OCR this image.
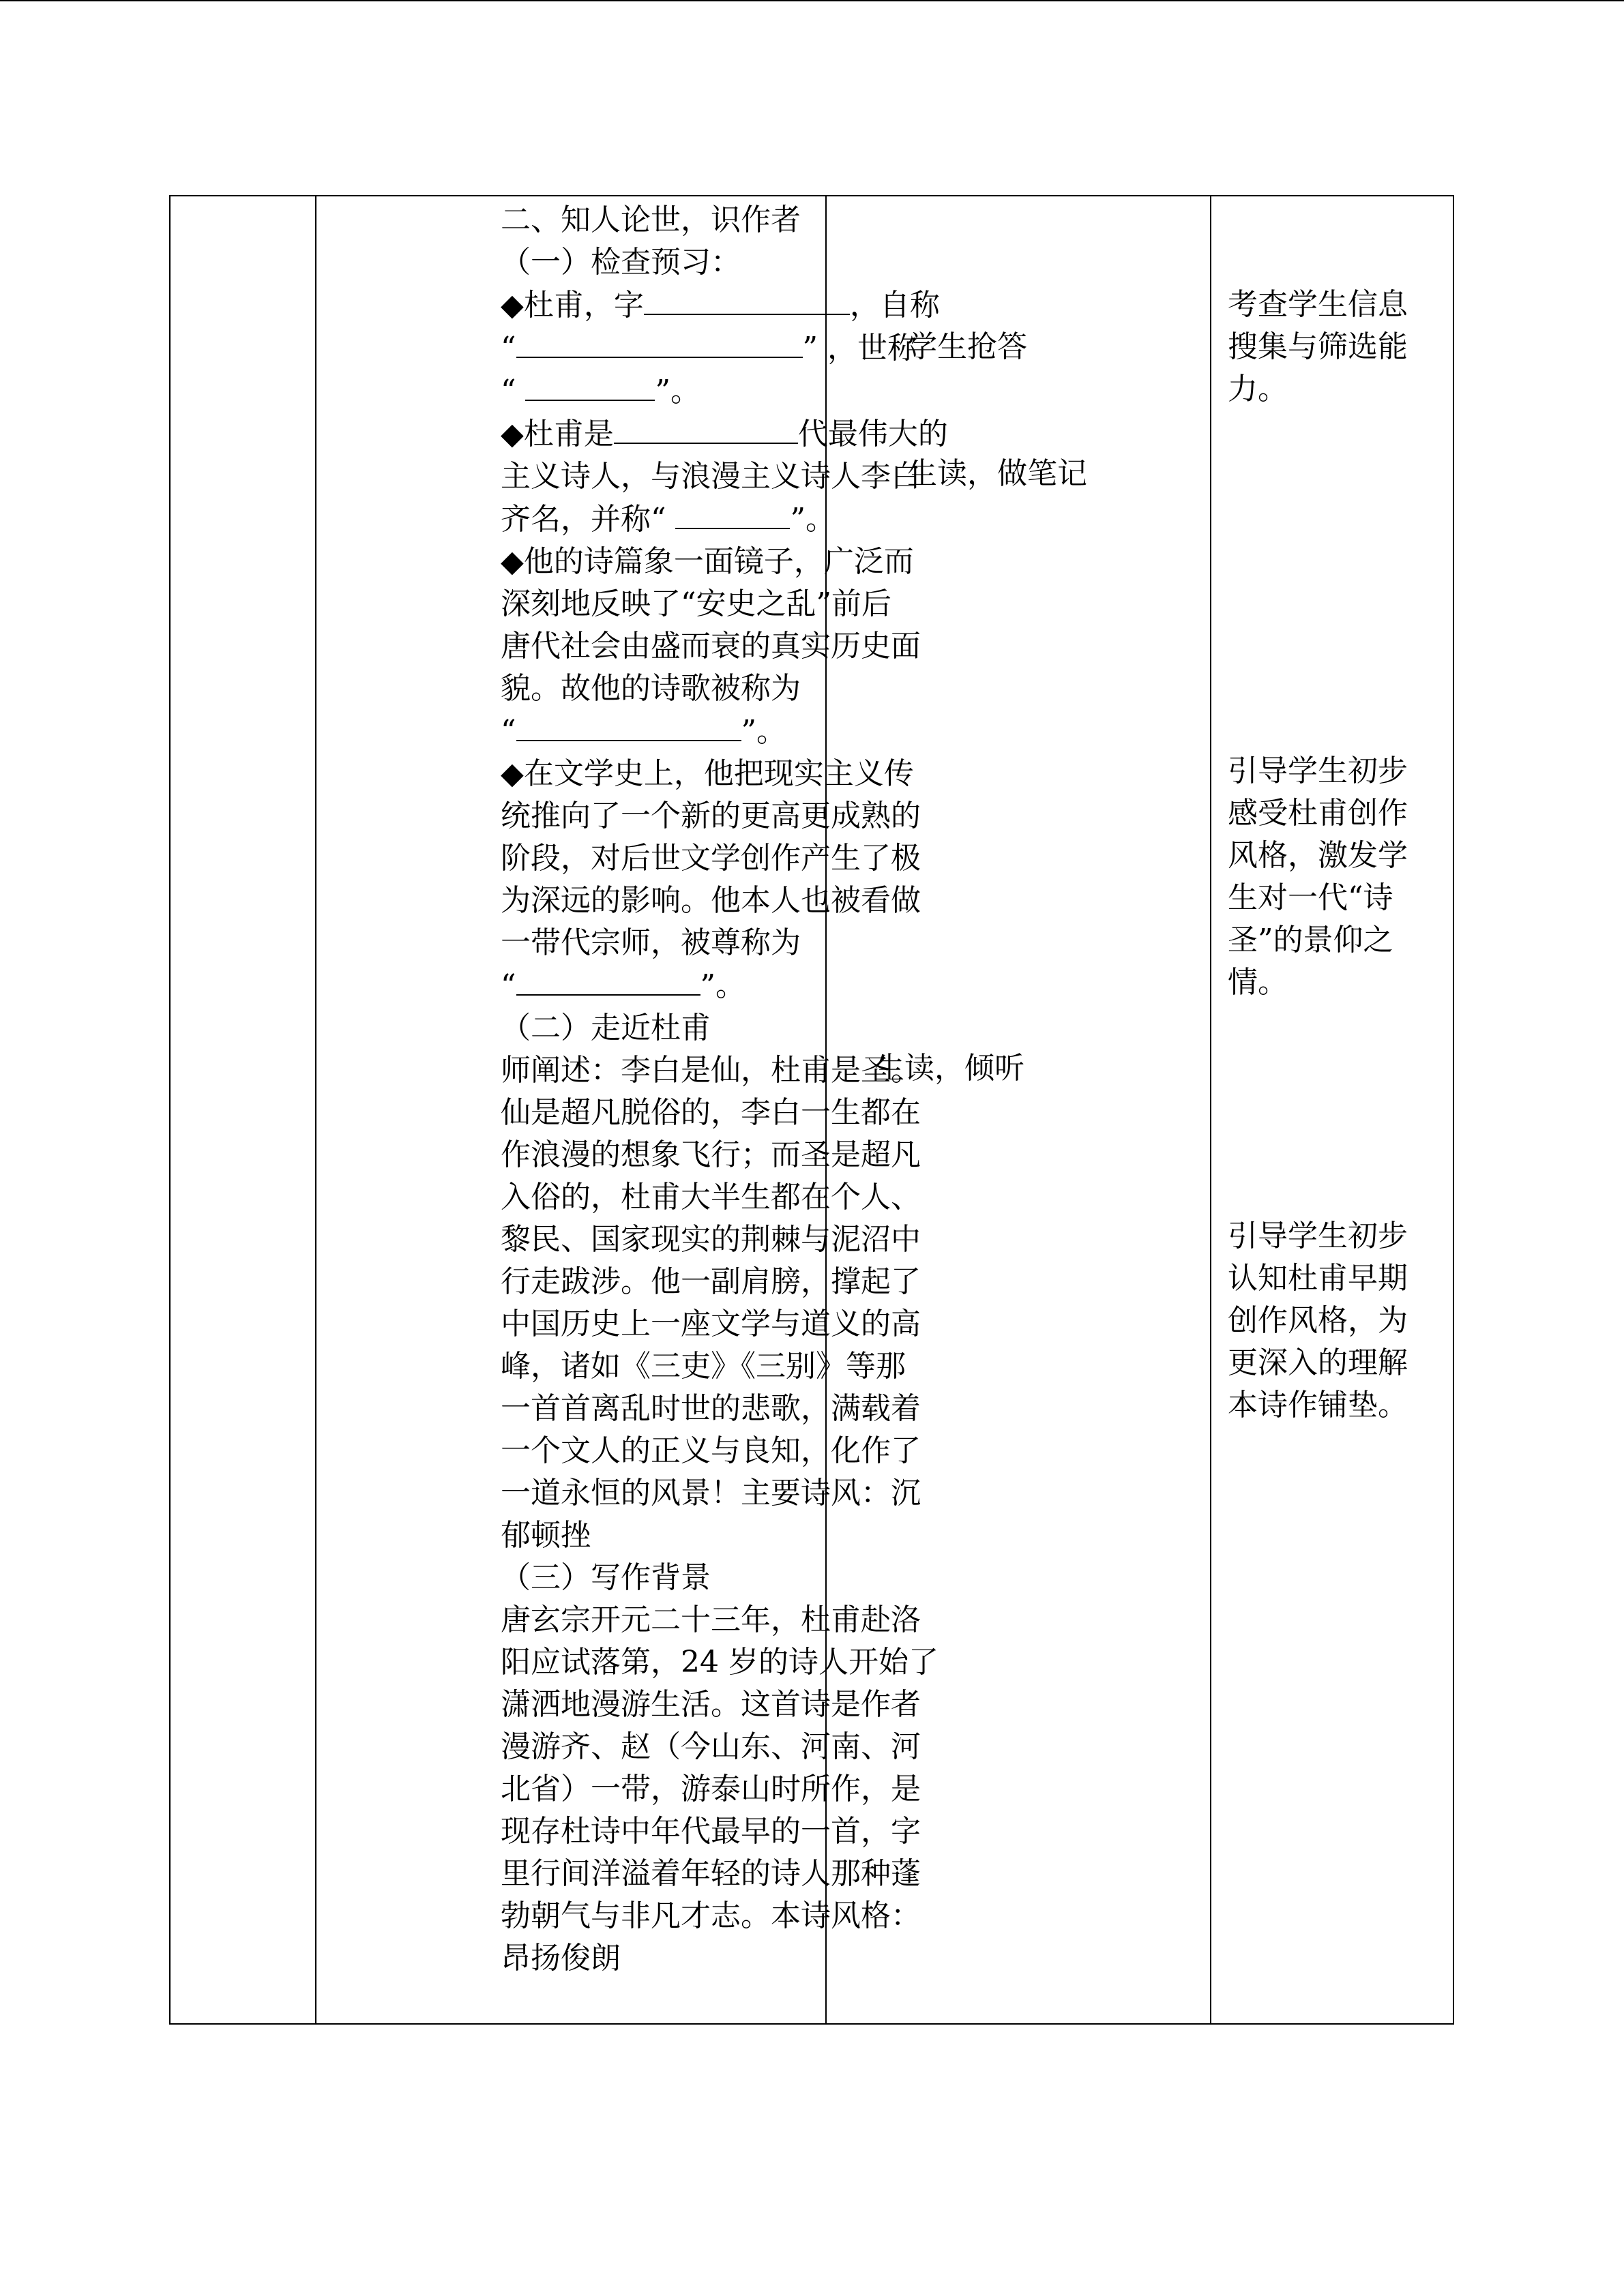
二、知人论世，识作者

（一）检查预习：

◆杜甫，字	，自称

“	” ，世称

“	”。

◆杜甫是	代最伟大的

主义诗人，与浪漫主义诗人李白

齐名，并称“	”。

◆他的诗篇象一面镜子，广泛而

深刻地反映了“安史之乱”前后

唐代社会由盛而衰的真实历史面

貌。故他的诗歌被称为

“	”。

◆在文学史上，他把现实主义传

统推向了一个新的更高更成熟的

阶段，对后世文学创作产生了极

为深远的影响。他本人也被看做

一带代宗师，被尊称为

“	”。

（二）走近杜甫

师阐述：李白是仙，杜甫是圣。

仙是超凡脱俗的，李白一生都在

作浪漫的想象飞行；而圣是超凡

入俗的，杜甫大半生都在个人、

黎民、国家现实的荆棘与泥沼中

行走跋涉。他一副肩膀，撑起了

中国历史上一座文学与道义的高

峰，诸如《三吏》《三别》等那

一首首离乱时世的悲歌，满载着

一个文人的正义与良知，化作了

一道永恒的风景！主要诗风：沉

郁顿挫

（三）写作背景

唐玄宗开元二十三年，杜甫赴洛

阳应试落第，24 岁的诗人开始了

潇洒地漫游生活。这首诗是作者

漫游齐、赵（今山东、河南、河

北省）一带，游泰山时所作，是

现存杜诗中年代最早的一首，字

里行间洋溢着年轻的诗人那种蓬

勃朝气与非凡才志。本诗风格：

昂扬俊朗

学生抢答
生读，做笔记
生读，倾听

考查学生信息

搜集与筛选能

力。

引导学生初步

感受杜甫创作

风格，激发学

生对一代“诗

圣”的景仰之

情。

引导学生初步

认知杜甫早期

创作风格，为

更深入的理解

本诗作铺垫。
